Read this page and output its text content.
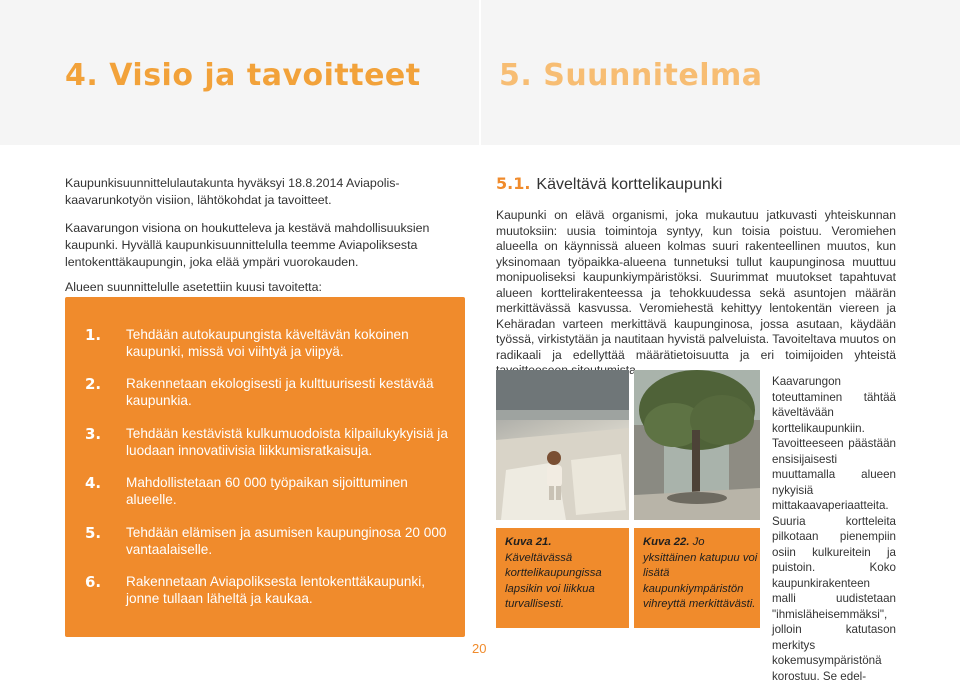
4. Visio ja tavoitteet	5. Suunnitelma

Kaupunkisuunnittelulautakunta hyväksyi 18.8.2014 Aviapolis-kaavarunkotyön visiion, lähtökohdat ja tavoitteet.

Kaavarungon visiona on houkutteleva ja kestävä mahdollisuuksien kaupunki. Hyvällä kaupunkisuunnittelulla teemme Aviapoliksesta lentokenttäkaupungin, joka elää ympäri vuorokauden.

Alueen suunnittelulle asetettiin kuusi tavoitetta:

1. Tehdään autokaupungista käveltävän kokoinen kaupunki, missä voi viihtyä ja viipyä.
2. Rakennetaan ekologisesti ja kulttuurisesti kestävää kaupunkia.
3. Tehdään kestävistä kulkumuodoista kilpailukykyisiä ja luodaan innovatiivisia liikkumisratkaisuja.
4. Mahdollistetaan 60 000 työpaikan sijoittuminen alueelle.
5. Tehdään elämisen ja asumisen kaupunginosa 20 000 vantaalaiselle.
6. Rakennetaan Aviapoliksesta lentokenttäkaupunki, jonne tullaan läheltä ja kaukaa.
5.1. Käveltävä korttelikaupunki

Kaupunki on elävä organismi, joka mukautuu jatkuvasti yhteiskunnan muutoksiin: uusia toimintoja syntyy, kun toisia poistuu. Veromiehen alueella on käynnissä alueen kolmas suuri rakenteellinen muutos, kun yksinomaan työpaikka-alueena tunnetuksi tullut kaupunginosa muuttuu monipuoliseksi kaupunkiympäristöksi. Suurimmat muutokset tapahtuvat alueen korttelirakenteessa ja tehokkuudessa sekä asuntojen määrän merkittävässä kasvussa. Veromiehestä kehittyy lentokentän viereen ja Kehäradan varteen merkittävä kaupunginosa, jossa asutaan, käydään työssä, virkistytään ja nautitaan hyvistä palveluista. Tavoiteltava muutos on radikaali ja edellyttää määrätietoisuutta ja eri toimijoiden yhteistä

Kuva 21.
Käveltävässä korttelikaupungissa lapsikin voi liikkua turvallisesti.

Kuva 22. Jo yksittäinen katupuu voi lisätä kaupunkiympäristön vihreyttä merkittävästi.

Kaavarungon toteuttaminen tähtää käveltävään korttelikaupunkiin. Tavoitteeseen päästään ensisijaisesti muuttamalla alueen nykyisiä mittakaavaperiaatteita. Suuria kortteleita pilkotaan pienempiin osiin kulkureitein ja puistoin. Koko kaupunkirakenteen malli uudistetaan "ihmisläheisemmäksi", jolloin katutason merkitys kokemusympäristönä korostuu. Se edel-

20
